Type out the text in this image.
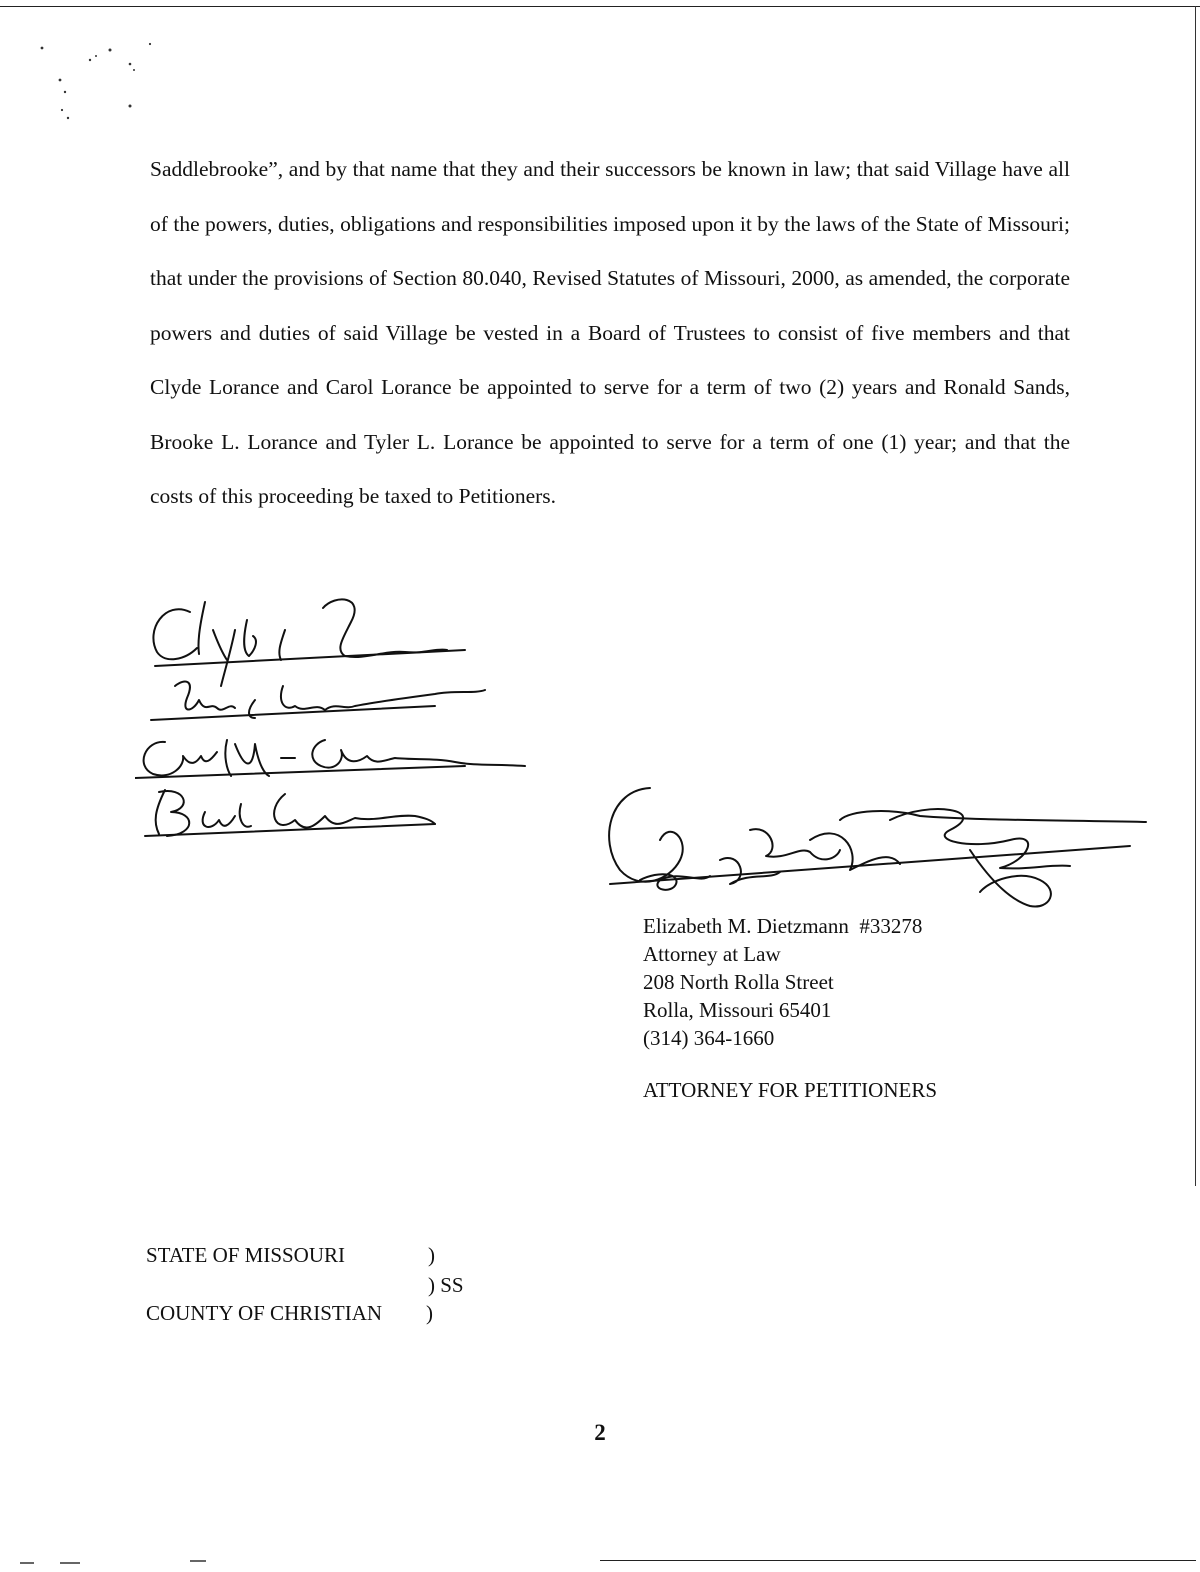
Saddlebrooke”, and by that name that they and their successors be known in law; that said Village have all of the powers, duties, obligations and responsibilities imposed upon it by the laws of the State of Missouri; that under the provisions of Section 80.040, Revised Statutes of Missouri, 2000, as amended, the corporate powers and duties of said Village be vested in a Board of Trustees to consist of five members and that Clyde Lorance and Carol Lorance be appointed to serve for a term of two (2) years and Ronald Sands, Brooke L. Lorance and Tyler L. Lorance be appointed to serve for a term of one (1) year; and that the costs of this proceeding be taxed to Petitioners.

Elizabeth M. Dietzmann  #33278
Attorney at Law
208 North Rolla Street
Rolla, Missouri 65401
(314) 364-1660
ATTORNEY FOR PETITIONERS
STATE OF MISSOURI	)
) SS
COUNTY OF CHRISTIAN )
2
